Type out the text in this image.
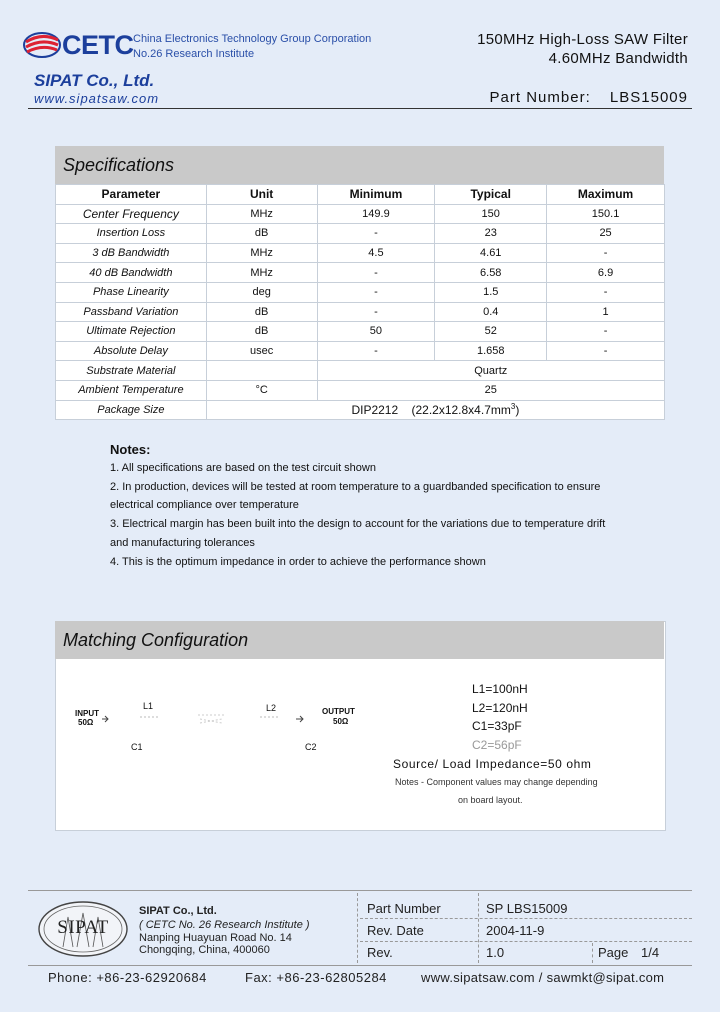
CETC China Electronics Technology Group Corporation
No.26 Research Institute
SIPAT Co., Ltd.
www.sipatsaw.com
150MHz High-Loss SAW Filter
4.60MHz Bandwidth
Part Number: LBS15009
Specifications
Parameter	Unit	Minimum	Typical	Maximum
Center Frequency	MHz	149.9	150	150.1
Insertion Loss	dB	-	23	25
3 dB Bandwidth	MHz	4.5	4.61	-
40 dB Bandwidth	MHz	-	6.58	6.9
Phase Linearity	deg	-	1.5	-
Passband Variation	dB	-	0.4	1
Ultimate Rejection	dB	50	52	-
Absolute Delay	usec	-	1.658	-
Substrate Material		Quartz		
Ambient Temperature	°C	25		
Package Size	DIP2212    $(22.2x12.8x4.7mm^3)$			
Notes:
1. All specifications are based on the test circuit shown
2. In production, devices will be tested at room temperature to a guardbanded specification to ensure
electrical compliance over temperature
3. Electrical margin has been built into the design to account for the variations due to temperature drift
and manufacturing tolerances
4. This is the optimum impedance in order to achieve the performance shown
Matching Configuration
INPUT
50Ω
L1	L2
C1	C2
OUTPUT
50Ω
L1=100nH
L2=120nH
C1=33pF
C2=56pF
Source/ Load Impedance=50 ohm
Notes - Component values may change depending
on board layout.
SIPAT
SIPAT Co., Ltd.
( CETC No. 26 Research Institute )
Nanping Huayuan Road No. 14
Chongqing, China, 400060
Part Number	SP LBS15009
Rev. Date	2004-11-9
Rev.	1.0	Page 1/4
Phone: +86-23-62920684	Fax: +86-23-62805284	www.sipatsaw.com / sawmkt@sipat.com
